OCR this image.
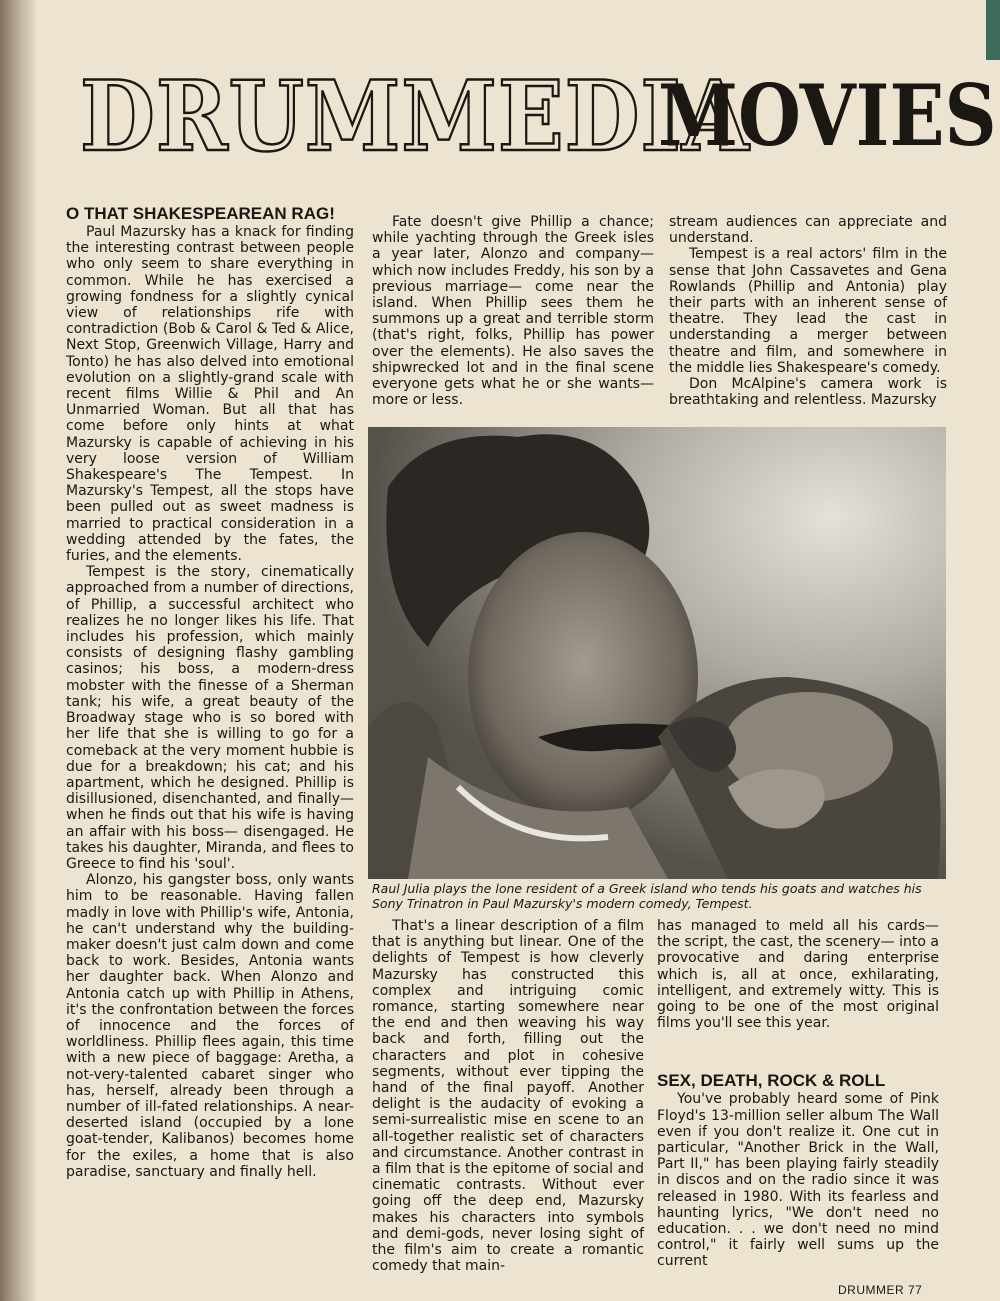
DRUMMEDIA
MOVIES
O THAT SHAKESPEAREAN RAG!

Paul Mazursky has a knack for finding the interesting contrast between people who only seem to share everything in common. While he has exercised a growing fondness for a slightly cynical view of relationships rife with contradiction (Bob & Carol & Ted & Alice, Next Stop, Greenwich Village, Harry and Tonto) he has also delved into emotional evolution on a slightly-grand scale with recent films Willie & Phil and An Unmarried Woman. But all that has come before only hints at what Mazursky is capable of achieving in his very loose version of William Shakespeare's The Tempest. In Mazursky's Tempest, all the stops have been pulled out as sweet madness is married to practical consideration in a wedding attended by the fates, the furies, and the elements.

Tempest is the story, cinematically approached from a number of directions, of Phillip, a successful architect who realizes he no longer likes his life. That includes his profession, which mainly consists of designing flashy gambling casinos; his boss, a modern-dress mobster with the finesse of a Sherman tank; his wife, a great beauty of the Broadway stage who is so bored with her life that she is willing to go for a comeback at the very moment hubbie is due for a breakdown; his cat; and his apartment, which he designed. Phillip is disillusioned, disenchanted, and finally— when he finds out that his wife is having an affair with his boss— disengaged. He takes his daughter, Miranda, and flees to Greece to find his 'soul'.

Alonzo, his gangster boss, only wants him to be reasonable. Having fallen madly in love with Phillip's wife, Antonia, he can't understand why the building-maker doesn't just calm down and come back to work. Besides, Antonia wants her daughter back. When Alonzo and Antonia catch up with Phillip in Athens, it's the confrontation between the forces of innocence and the forces of worldliness. Phillip flees again, this time with a new piece of baggage: Aretha, a not-very-talented cabaret singer who has, herself, already been through a number of ill-fated relationships. A near-deserted island (occupied by a lone goat-tender, Kalibanos) becomes home for the exiles, a home that is also paradise, sanctuary and finally hell.

Fate doesn't give Phillip a chance; while yachting through the Greek isles a year later, Alonzo and company— which now includes Freddy, his son by a previous marriage— come near the island. When Phillip sees them he summons up a great and terrible storm (that's right, folks, Phillip has power over the elements). He also saves the shipwrecked lot and in the final scene everyone gets what he or she wants— more or less.

stream audiences can appreciate and understand.

Tempest is a real actors' film in the sense that John Cassavetes and Gena Rowlands (Phillip and Antonia) play their parts with an inherent sense of theatre. They lead the cast in understanding a merger between theatre and film, and somewhere in the middle lies Shakespeare's comedy.

Don McAlpine's camera work is breathtaking and relentless. Mazursky

Raul Julia plays the lone resident of a Greek island who tends his goats and watches his Sony Trinatron in Paul Mazursky's modern comedy, Tempest.

That's a linear description of a film that is anything but linear. One of the delights of Tempest is how cleverly Mazursky has constructed this complex and intriguing comic romance, starting somewhere near the end and then weaving his way back and forth, filling out the characters and plot in cohesive segments, without ever tipping the hand of the final payoff. Another delight is the audacity of evoking a semi-surrealistic mise en scene to an all-together realistic set of characters and circumstance. Another contrast in a film that is the epitome of social and cinematic contrasts. Without ever going off the deep end, Mazursky makes his characters into symbols and demi-gods, never losing sight of the film's aim to create a romantic comedy that main-

has managed to meld all his cards— the script, the cast, the scenery— into a provocative and daring enterprise which is, all at once, exhilarating, intelligent, and extremely witty. This is going to be one of the most original films you'll see this year.

SEX, DEATH, ROCK & ROLL

You've probably heard some of Pink Floyd's 13-million seller album The Wall even if you don't realize it. One cut in particular, "Another Brick in the Wall, Part II," has been playing fairly steadily in discos and on the radio since it was released in 1980. With its fearless and haunting lyrics, "We don't need no education. . . we don't need no mind control," it fairly well sums up the current

DRUMMER 77
